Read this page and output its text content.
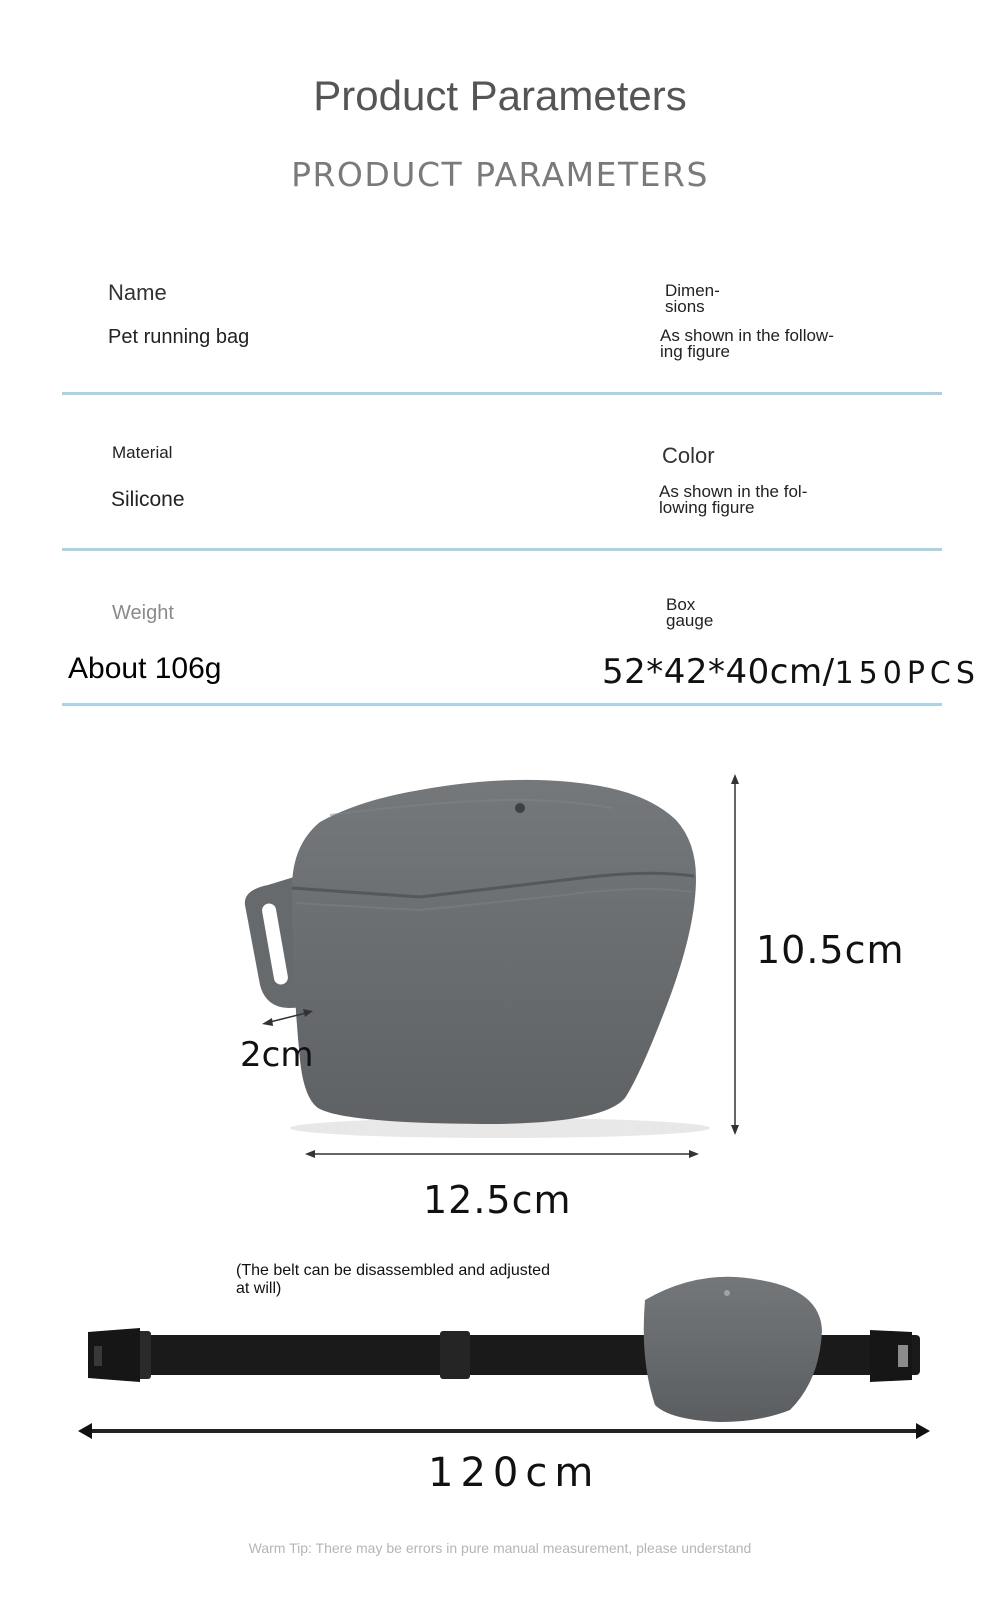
Product Parameters
PRODUCT PARAMETERS
Name
Pet running bag
Dimen-
sions
As shown in the follow-
ing figure
Material
Silicone
Color
As shown in the fol-
lowing figure
Weight
About 106g
Box
gauge
52*42*40cm/150PCS
10.5cm
12.5cm
2cm
(The belt can be disassembled and adjusted
at will)
120cm
Warm Tip: There may be errors in pure manual measurement, please understand
